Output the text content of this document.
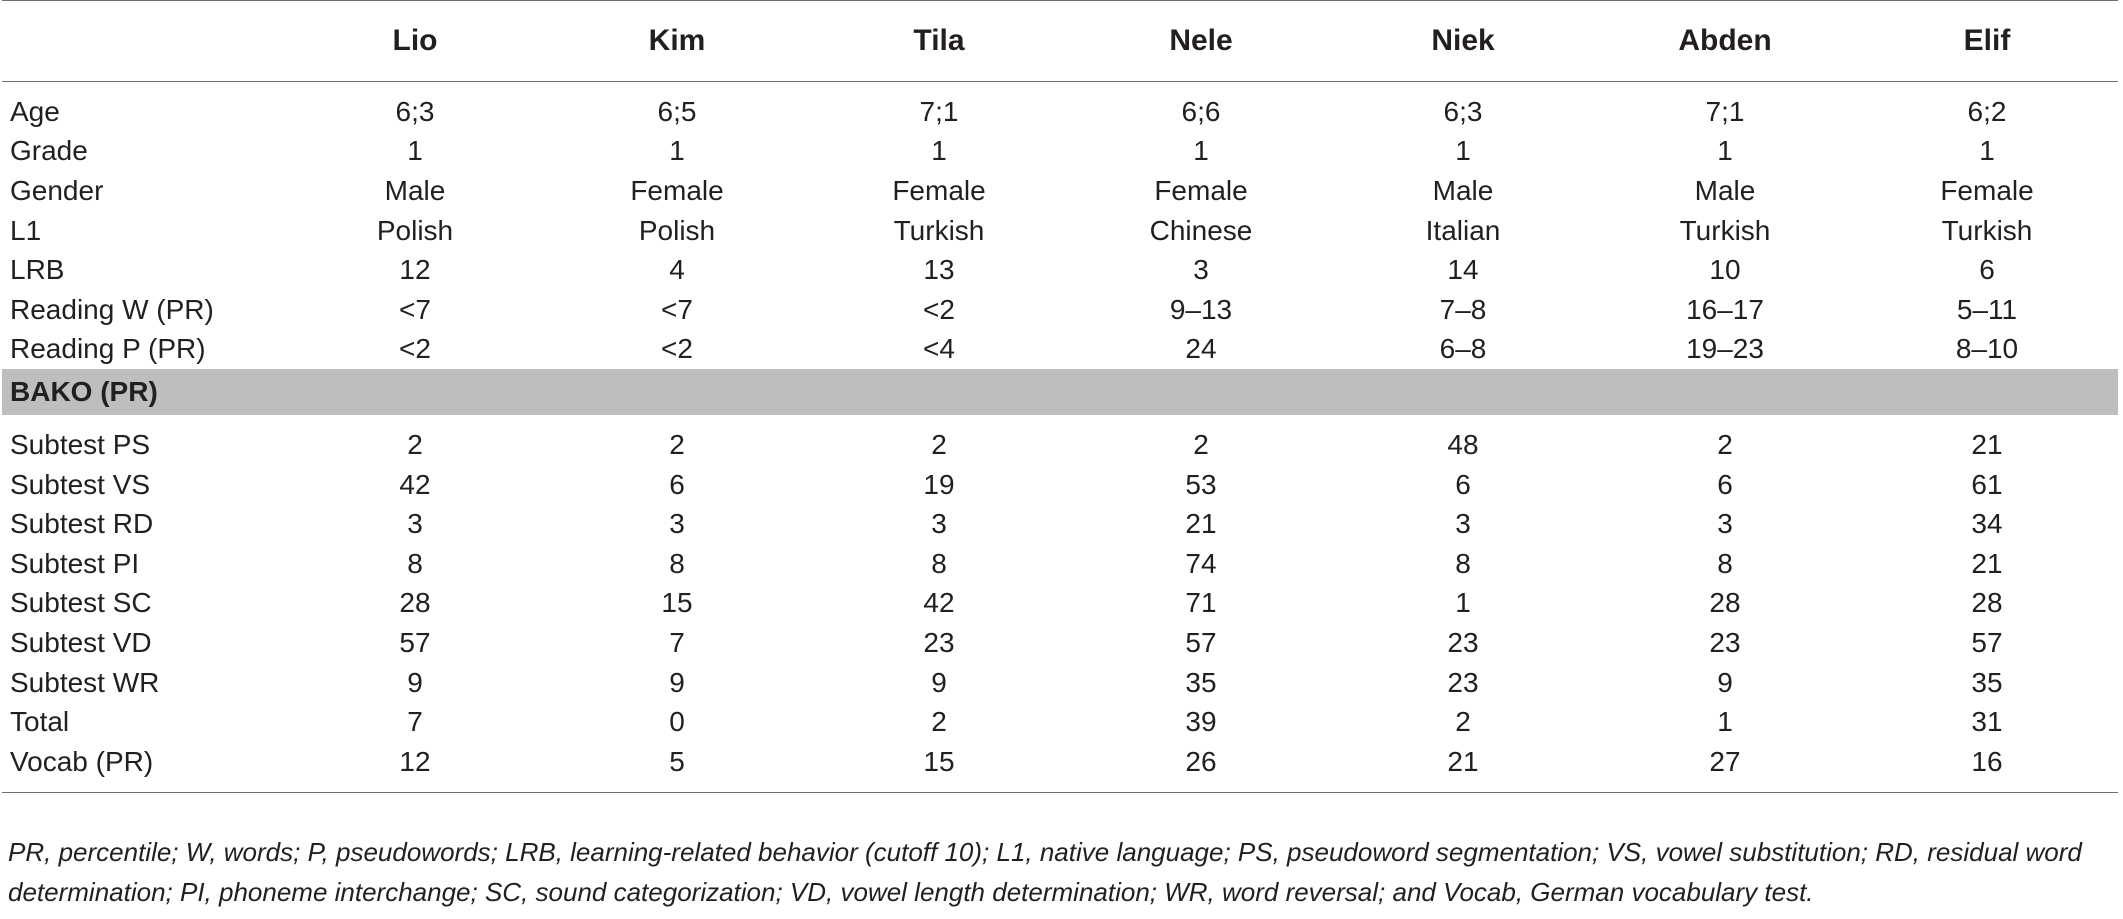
	Lio	Kim	Tila	Nele	Niek	Abden	Elif
Age	6;3	6;5	7;1	6;6	6;3	7;1	6;2
Grade	1	1	1	1	1	1	1
Gender	Male	Female	Female	Female	Male	Male	Female
L1	Polish	Polish	Turkish	Chinese	Italian	Turkish	Turkish
LRB	12	4	13	3	14	10	6
Reading W (PR)	<7	<7	<2	9–13	7–8	16–17	5–11
Reading P (PR)	<2	<2	<4	24	6–8	19–23	8–10
BAKO (PR)							
Subtest PS	2	2	2	2	48	2	21
Subtest VS	42	6	19	53	6	6	61
Subtest RD	3	3	3	21	3	3	34
Subtest PI	8	8	8	74	8	8	21
Subtest SC	28	15	42	71	1	28	28
Subtest VD	57	7	23	57	23	23	57
Subtest WR	9	9	9	35	23	9	35
Total	7	0	2	39	2	1	31
Vocab (PR)	12	5	15	26	21	27	16
PR, percentile; W, words; P, pseudowords; LRB, learning-related behavior (cutoff 10); L1, native language; PS, pseudoword segmentation; VS, vowel substitution; RD, residual word determination; PI, phoneme interchange; SC, sound categorization; VD, vowel length determination; WR, word reversal; and Vocab, German vocabulary test.
